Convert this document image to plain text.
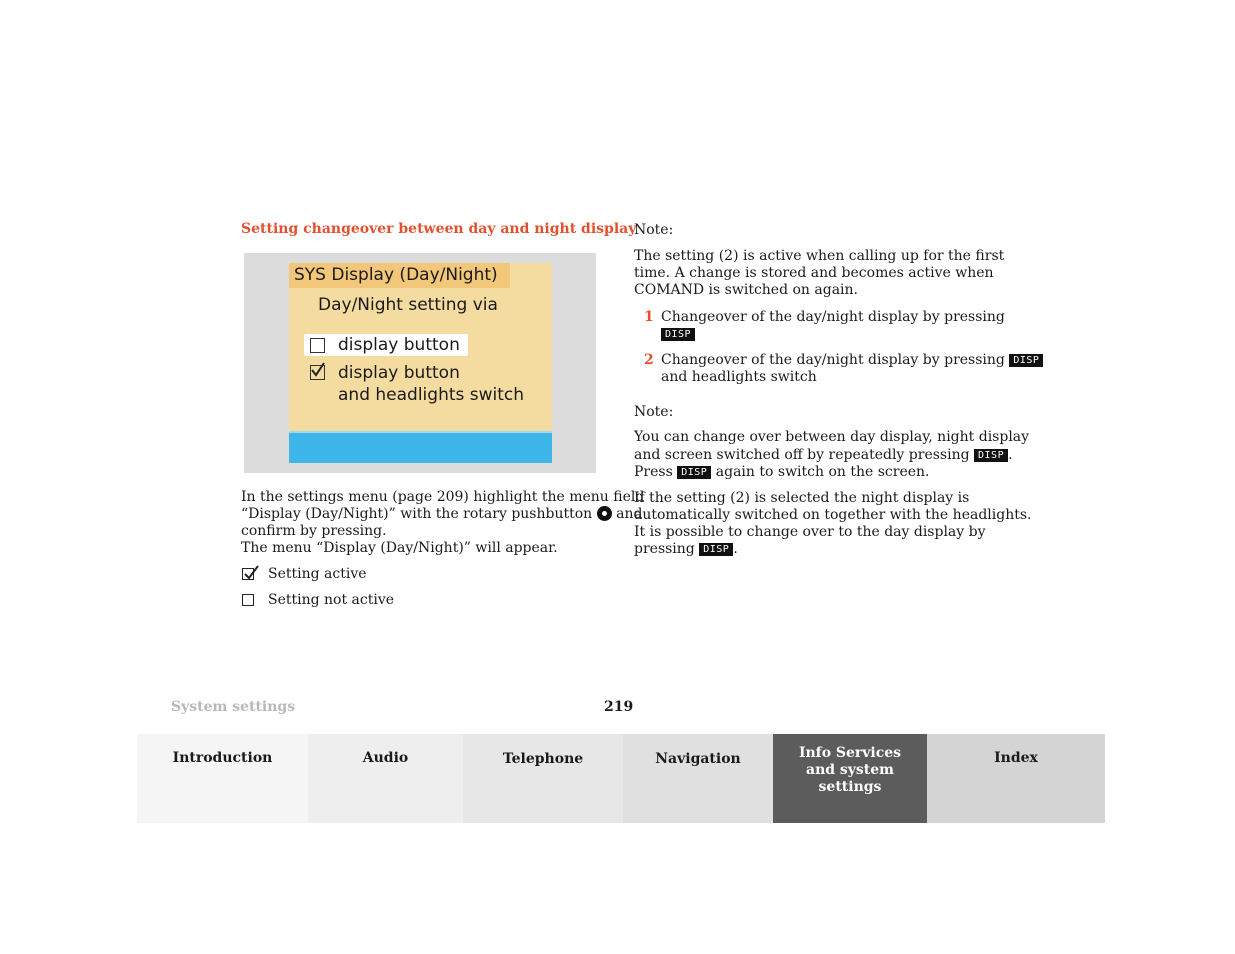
Setting changeover between day and night display
SYS Display (Day/Night)
Day/Night setting via
display button
display button
and headlights switch

In the settings menu (page 209) highlight the menu field

“Display (Day/Night)” with the rotary pushbutton and

confirm by pressing.

The menu “Display (Day/Night)” will appear.

Setting active

Setting not active

Note:

The setting (2) is active when calling up for the first

time. A change is stored and becomes active when

COMAND is switched on again.

1 Changeover of the day/night display by pressing

DISP

2 Changeover of the day/night display by pressing DISP

and headlights switch

Note:

You can change over between day display, night display

and screen switched off by repeatedly pressing DISP .

Press DISP again to switch on the screen.

If the setting (2) is selected the night display is

automatically switched on together with the headlights.

It is possible to change over to the day display by

pressing DISP .

System settings	219
Introduction	Audio	Telephone	Navigation	Info Services and system settings
Index
